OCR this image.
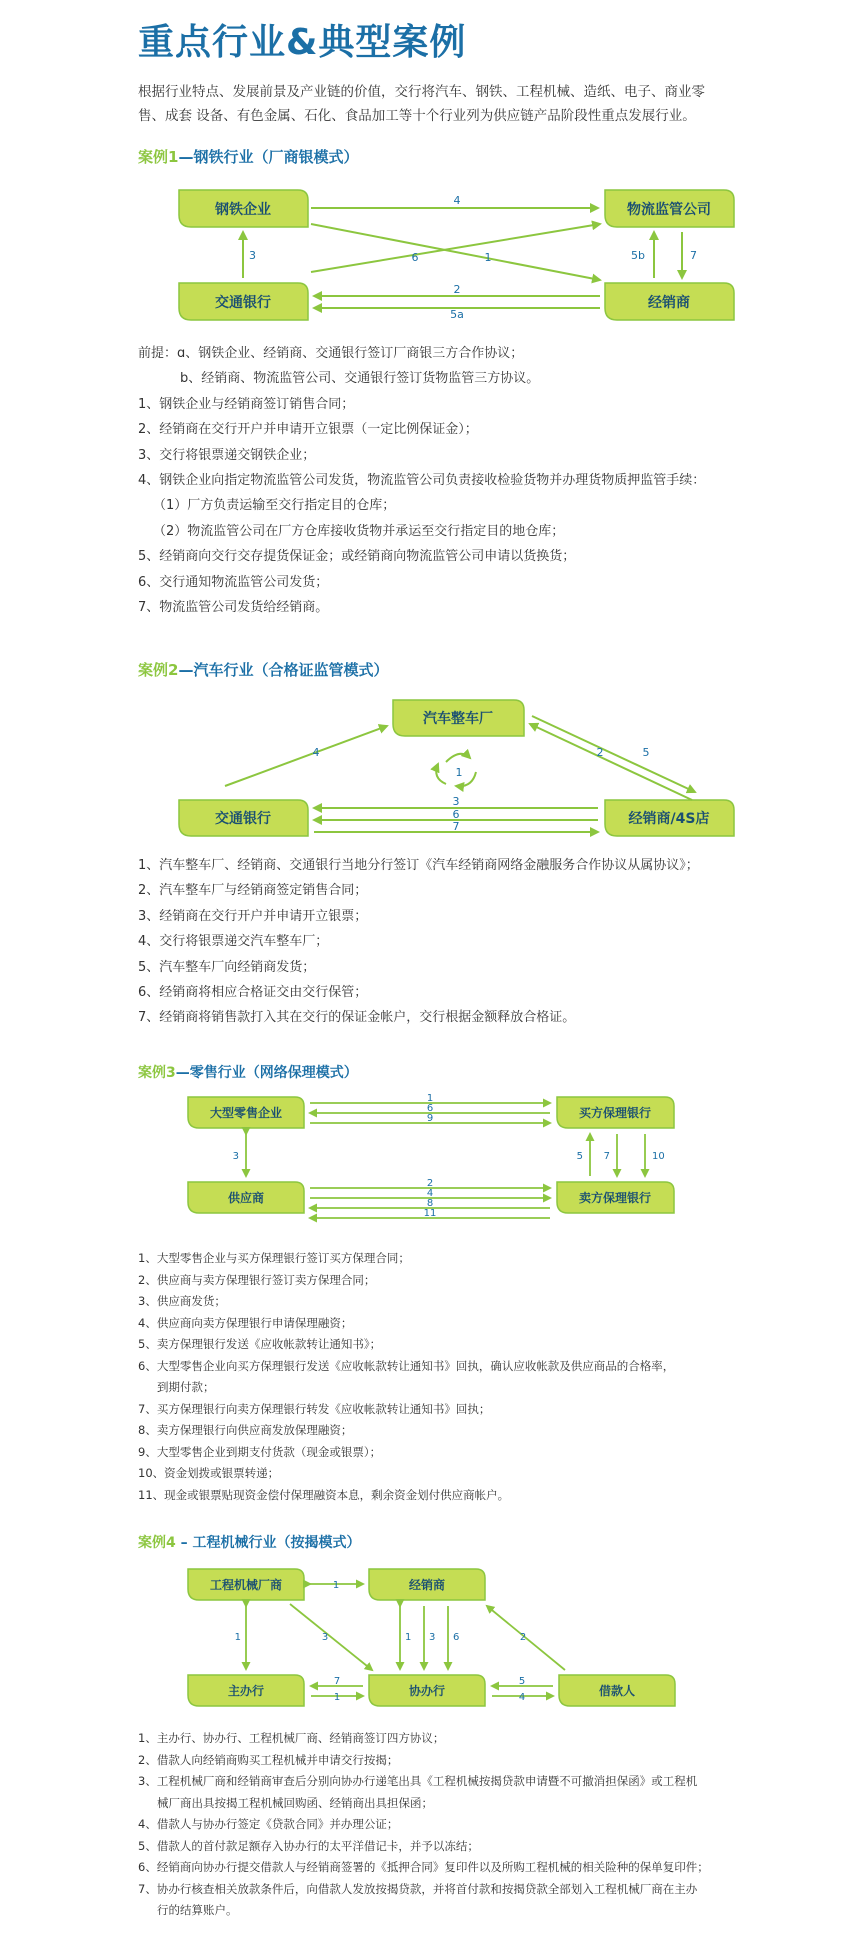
重点行业&典型案例

根据行业特点、发展前景及产业链的价值，交行将汽车、钢铁、工程机械、造纸、电子、商业零售、成套 设备、有色金属、石化、食品加工等十个行业列为供应链产品阶段性重点发展行业。

案例1—钢铁行业（厂商银模式）
钢铁企业	物流监管公司
交通银行	经销商
4
6	1
3	5b	7
2
5a
前提：ɑ、钢铁企业、经销商、交通银行签订厂商银三方合作协议；
b、经销商、物流监管公司、交通银行签订货物监管三方协议。
1、钢铁企业与经销商签订销售合同；
2、经销商在交行开户并申请开立银票（一定比例保证金）；
3、交行将银票递交钢铁企业；
4、钢铁企业向指定物流监管公司发货，物流监管公司负责接收检验货物并办理货物质押监管手续：
（1）厂方负责运输至交行指定目的仓库；
（2）物流监管公司在厂方仓库接收货物并承运至交行指定目的地仓库；
5、经销商向交行交存提货保证金；或经销商向物流监管公司申请以货换货；
6、交行通知物流监管公司发货；
7、物流监管公司发货给经销商。
案例2—汽车行业（合格证监管模式）
汽车整车厂
交通银行	经销商/4S店
4
1
2	5
3
6
7
1、汽车整车厂、经销商、交通银行当地分行签订《汽车经销商网络金融服务合作协议从属协议》；
2、汽车整车厂与经销商签定销售合同；
3、经销商在交行开户并申请开立银票；
4、交行将银票递交汽车整车厂；
5、汽车整车厂向经销商发货；
6、经销商将相应合格证交由交行保管；
7、经销商将销售款打入其在交行的保证金帐户，交行根据金额释放合格证。
案例3—零售行业（网络保理模式）
大型零售企业	买方保理银行
供应商	卖方保理银行
1
6
9
3	5 7	10
2
4
8
11
1、大型零售企业与买方保理银行签订买方保理合同；
2、供应商与卖方保理银行签订卖方保理合同；
3、供应商发货；
4、供应商向卖方保理银行申请保理融资；
5、卖方保理银行发送《应收帐款转让通知书》；
6、大型零售企业向买方保理银行发送《应收帐款转让通知书》回执，确认应收帐款及供应商品的合格率，
到期付款；
7、买方保理银行向卖方保理银行转发《应收帐款转让通知书》回执；
8、卖方保理银行向供应商发放保理融资；
9、大型零售企业到期支付货款（现金或银票）；
10、资金划拨或银票转递；
11、现金或银票贴现资金偿付保理融资本息，剩余资金划付供应商帐户。
案例4 – 工程机械行业（按揭模式）
工程机械厂商	经销商
主办行	协办行	借款人
1
1	3	1 3 6	2
7
1
5
4
1、主办行、协办行、工程机械厂商、经销商签订四方协议；
2、借款人向经销商购买工程机械并申请交行按揭；
3、工程机械厂商和经销商审查后分别向协办行递笔出具《工程机械按揭贷款申请暨不可撤消担保函》或工程机
械厂商出具按揭工程机械回购函、经销商出具担保函；
4、借款人与协办行签定《贷款合同》并办理公证；
5、借款人的首付款足额存入协办行的太平洋借记卡，并予以冻结；
6、经销商向协办行提交借款人与经销商签署的《抵押合同》复印件以及所购工程机械的相关险种的保单复印件；
7、协办行核查相关放款条件后，向借款人发放按揭贷款，并将首付款和按揭贷款全部划入工程机械厂商在主办
行的结算账户。
